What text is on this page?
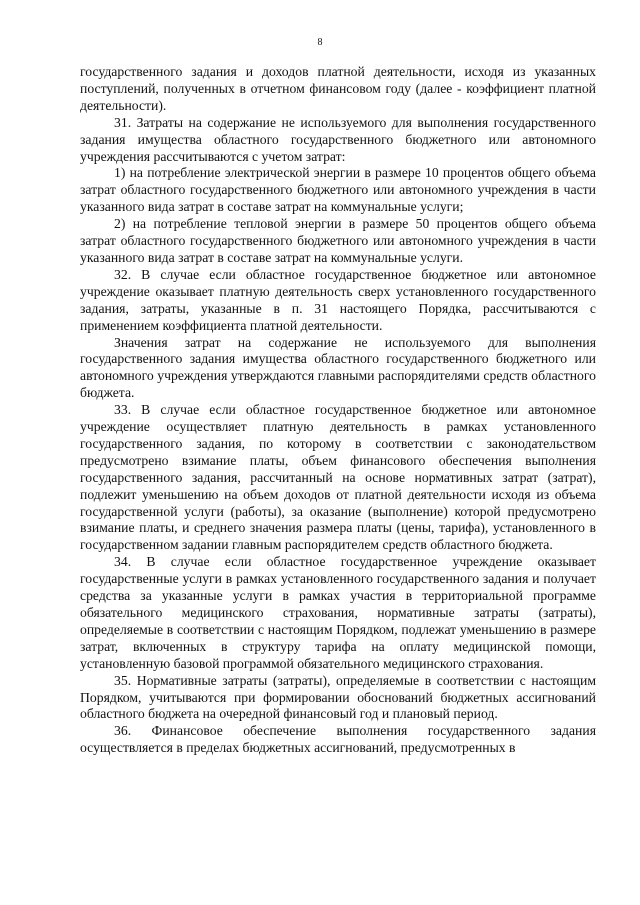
8

государственного задания и доходов платной деятельности, исходя из указанных поступлений, полученных в отчетном финансовом году (далее - коэффициент платной деятельности).

31. Затраты на содержание не используемого для выполнения государственного задания имущества областного государственного бюджетного или автономного учреждения рассчитываются с учетом затрат:

1) на потребление электрической энергии в размере 10 процентов общего объема затрат областного государственного бюджетного или автономного учреждения в части указанного вида затрат в составе затрат на коммунальные услуги;

2) на потребление тепловой энергии в размере 50 процентов общего объема затрат областного государственного бюджетного или автономного учреждения в части указанного вида затрат в составе затрат на коммунальные услуги.

32. В случае если областное государственное бюджетное или автономное учреждение оказывает платную деятельность сверх установленного государственного задания, затраты, указанные в п. 31 настоящего Порядка, рассчитываются с применением коэффициента платной деятельности.

Значения затрат на содержание не используемого для выполнения государственного задания имущества областного государственного бюджетного или автономного учреждения утверждаются главными распорядителями средств областного бюджета.

33. В случае если областное государственное бюджетное или автономное учреждение осуществляет платную деятельность в рамках установленного государственного задания, по которому в соответствии с законодательством предусмотрено взимание платы, объем финансового обеспечения выполнения государственного задания, рассчитанный на основе нормативных затрат (затрат), подлежит уменьшению на объем доходов от платной деятельности исходя из объема государственной услуги (работы), за оказание (выполнение) которой предусмотрено взимание платы, и среднего значения размера платы (цены, тарифа), установленного в государственном задании главным распорядителем средств областного бюджета.

34. В случае если областное государственное учреждение оказывает государственные услуги в рамках установленного государственного задания и получает средства за указанные услуги в рамках участия в территориальной программе обязательного медицинского страхования, нормативные затраты (затраты), определяемые в соответствии с настоящим Порядком, подлежат уменьшению в размере затрат, включенных в структуру тарифа на оплату медицинской помощи, установленную базовой программой обязательного медицинского страхования.

35. Нормативные затраты (затраты), определяемые в соответствии с настоящим Порядком, учитываются при формировании обоснований бюджетных ассигнований областного бюджета на очередной финансовый год и плановый период.

36. Финансовое обеспечение выполнения государственного задания осуществляется в пределах бюджетных ассигнований, предусмотренных в
